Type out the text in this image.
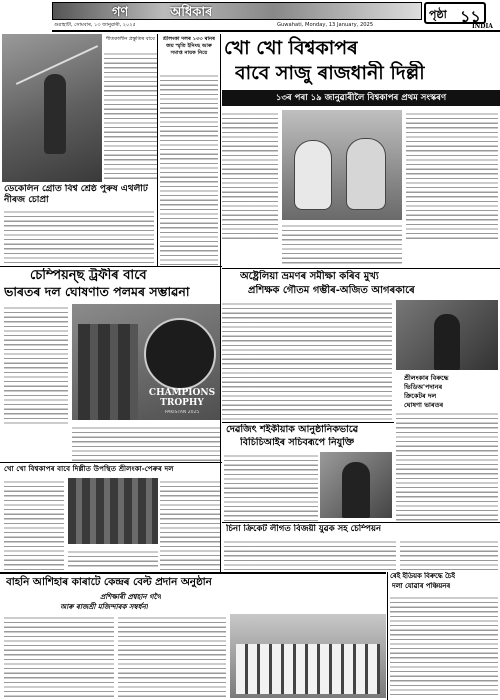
গণ	অধিকাৰ
গুৱাহাটী, সোমবাৰ, ১৩ জানুৱাৰী, ২০২৫	Guwahati, Monday, 13 January, 2025
পৃষ্ঠা ১১
INDIA
শীতকালীন প্ৰস্তুতিৰ বাবে
ডেকেলিন গ্ৰোত বিশ্ব শ্ৰেষ্ঠ পুৰুষ এথলীট নীৰজ চোপ্ৰা
শ্ৰীলংকা দলৰ ১৩৩ ৰানৰ জয় স্মৃতি ইনিংছ আৰু সমাপ্ত নায়ক নিয়ে খো খো বিশ্বকাপৰ
বাবে সাজু ৰাজধানী দিল্লী
১৩ৰ পৰা ১৯ জানুৱাৰীলৈ বিশ্বকাপৰ প্ৰথম সংস্কৰণ
অষ্ট্ৰেলিয়া ভ্ৰমণৰ সমীক্ষা কৰিব মুখ্য
প্ৰশিক্ষক গৌতম গম্ভীৰ-অজিত আগৰকাৰে
শ্ৰীলংকাৰ বিৰুদ্ধে
ভিডিঅ'পদানৰ
ক্ৰিকেটৰ দল
ঘোষণা ভাৰতৰ
চেম্পিয়ন্ছ ট্ৰফীৰ বাবে
ভাৰতৰ দল ঘোষণাত পলমৰ সম্ভাৱনা
CHAMPIONS
TROPHY
PAKISTAN 2025
দেৱজিৎ শইকীয়াক আনুষ্ঠানিকভাৱে
বিচিচিআইৰ সচিবৰূপে নিযুক্তি
খো খো বিশ্বকাপৰ বাবে দিল্লীত উপস্থিত শ্ৰীলংকা-পেৰুৰ দল
চিনা ক্ৰিকেট লীগত বিজয়ী যুৱক সহ চেম্পিয়ন
ৰেই ইডিয়ক বিৰুদ্ধে চৈই
দলা যোৱাৰ পঞ্চিয়নৰ
বাহনি আশিহাৰ কাৰাটে কেন্দ্ৰৰ বেল্ট প্ৰদান অনুষ্ঠান
প্ৰশিক্ষাৰী প্ৰশ্বহান গগৈ
আৰু ৰাজশ্ৰী মজিন্দাৰক সম্বৰ্ধনা
